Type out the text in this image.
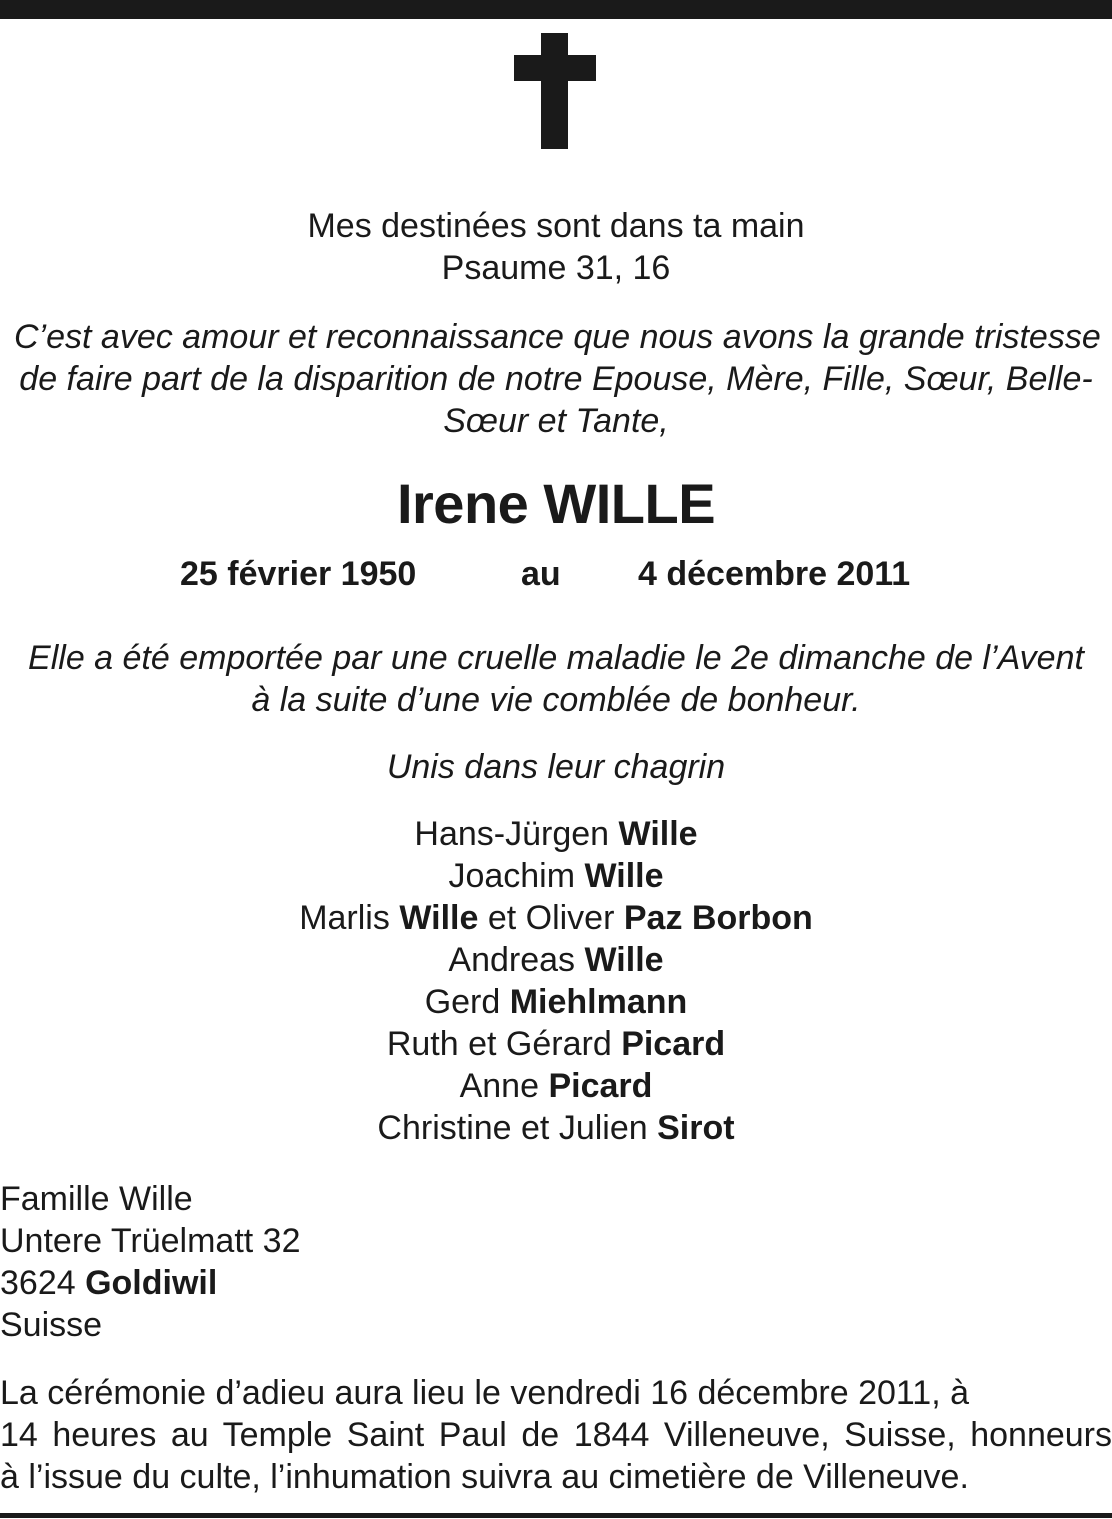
Mes destinées sont dans ta main
Psaume 31, 16
C’est avec amour et reconnaissance que nous avons la grande tristesse
de faire part de la disparition de notre Epouse, Mère, Fille, Sœur, Belle-
Sœur et Tante,
Irene WILLE
25 février 1950	au 4 décembre 2011
Elle a été emportée par une cruelle maladie le 2e dimanche de l’Avent
à la suite d’une vie comblée de bonheur.
Unis dans leur chagrin
Hans-Jürgen Wille
Joachim Wille
Marlis Wille et Oliver Paz Borbon
Andreas Wille
Gerd Miehlmann
Ruth et Gérard Picard
Anne Picard
Christine et Julien Sirot
Famille Wille
Untere Trüelmatt 32
3624 Goldiwil
Suisse
La cérémonie d’adieu aura lieu le vendredi 16 décembre 2011, à
14 heures au Temple Saint Paul de 1844 Villeneuve, Suisse, honneurs
à l’issue du culte, l’inhumation suivra au cimetière de Villeneuve.
